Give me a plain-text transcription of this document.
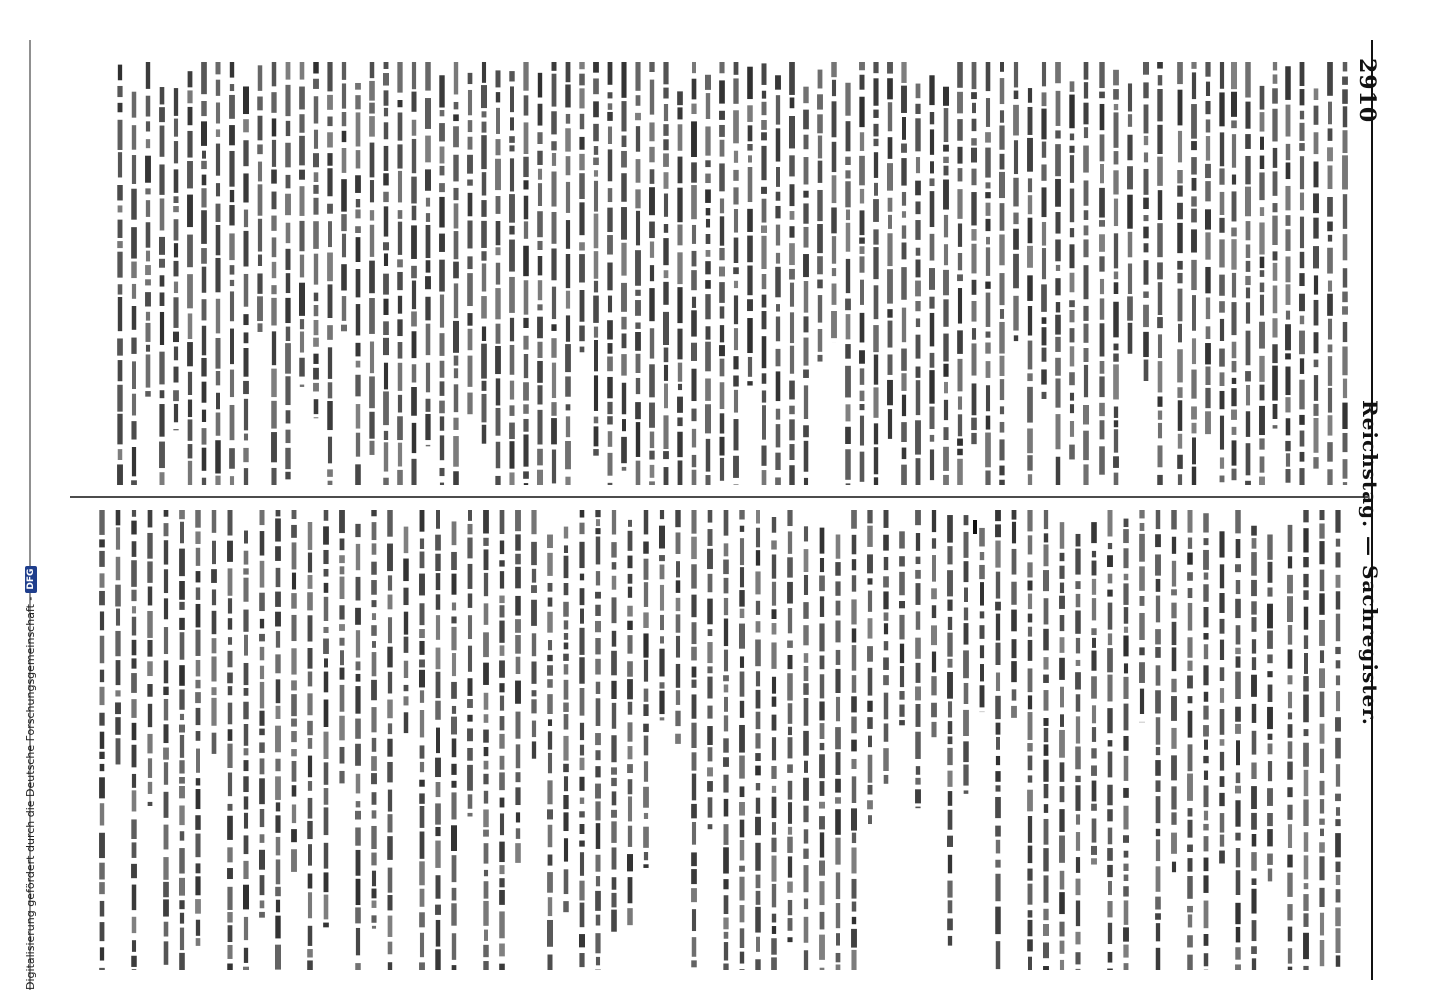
2910
Reichstag. — Sachregister.
Digitalisierung gefördert durch die Deutsche Forschungsgemeinschaft -
DFG
